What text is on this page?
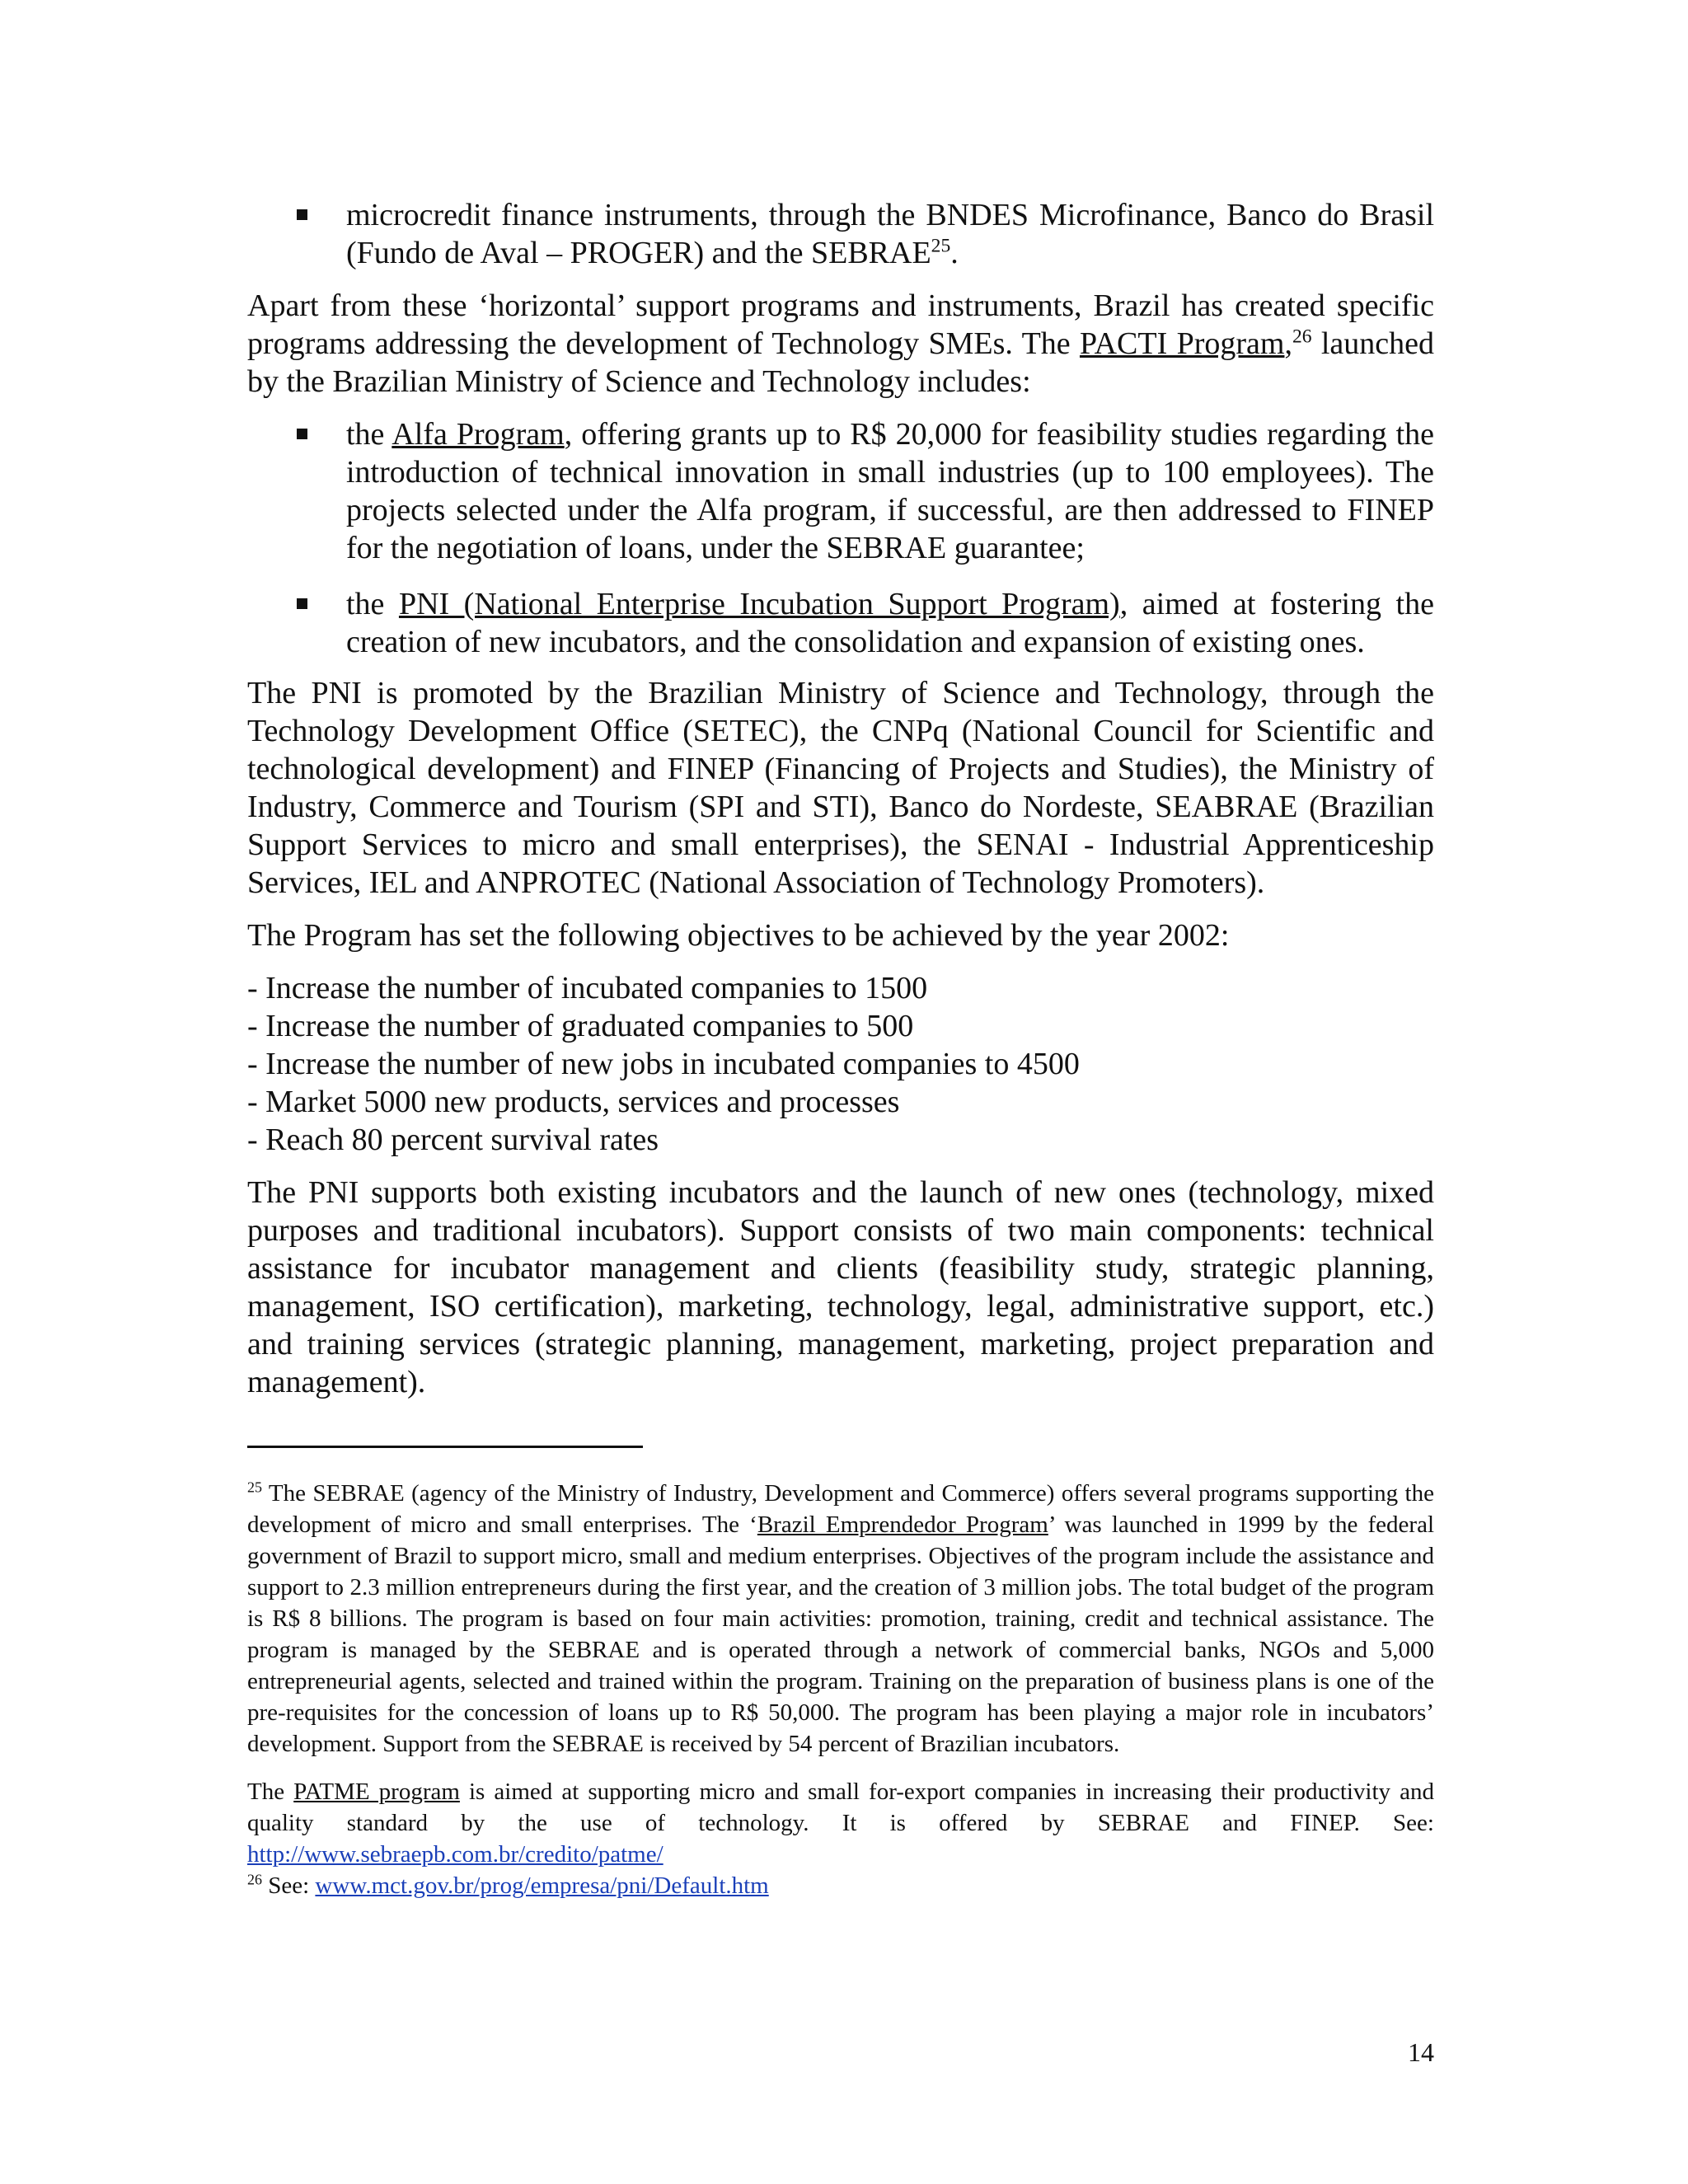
microcredit finance instruments, through the BNDES Microfinance, Banco do Brasil (Fundo de Aval – PROGER) and the SEBRAE$^{25}$.

Apart from these ‘horizontal’ support programs and instruments, Brazil has created specific programs addressing the development of Technology SMEs. The PACTI Program,$^{26}$ launched by the Brazilian Ministry of Science and Technology includes:

the Alfa Program, offering grants up to R$ 20,000 for feasibility studies regarding the introduction of technical innovation in small industries (up to 100 employees). The projects selected under the Alfa program, if successful, are then addressed to FINEP for the negotiation of loans, under the SEBRAE guarantee;
the PNI (National Enterprise Incubation Support Program), aimed at fostering the creation of new incubators, and the consolidation and expansion of existing ones.

The PNI is promoted by the Brazilian Ministry of Science and Technology, through the Technology Development Office (SETEC), the CNPq (National Council for Scientific and technological development) and FINEP (Financing of Projects and Studies), the Ministry of Industry, Commerce and Tourism (SPI and STI), Banco do Nordeste, SEABRAE (Brazilian Support Services to micro and small enterprises), the SENAI - Industrial Apprenticeship Services, IEL and ANPROTEC (National Association of Technology Promoters).

The Program has set the following objectives to be achieved by the year 2002:

- Increase the number of incubated companies to 1500
- Increase the number of graduated companies to 500
- Increase the number of new jobs in incubated companies to 4500
- Market 5000 new products, services and processes
- Reach 80 percent survival rates

The PNI supports both existing incubators and the launch of new ones (technology, mixed purposes and traditional incubators). Support consists of two main components: technical assistance for incubator management and clients (feasibility study, strategic planning, management, ISO certification), marketing, technology, legal, administrative support, etc.) and training services (strategic planning, management, marketing, project preparation and management).

$^{25}$ The SEBRAE (agency of the Ministry of Industry, Development and Commerce) offers several programs supporting the development of micro and small enterprises. The ‘Brazil Emprendedor Program’ was launched in 1999 by the federal government of Brazil to support micro, small and medium enterprises. Objectives of the program include the assistance and support to 2.3 million entrepreneurs during the first year, and the creation of 3 million jobs. The total budget of the program is R$ 8 billions. The program is based on four main activities: promotion, training, credit and technical assistance. The program is managed by the SEBRAE and is operated through a network of commercial banks, NGOs and 5,000 entrepreneurial agents, selected and trained within the program. Training on the preparation of business plans is one of the pre-requisites for the concession of loans up to R$ 50,000. The program has been playing a major role in incubators’ development. Support from the SEBRAE is received by 54 percent of Brazilian incubators.

The PATME program is aimed at supporting micro and small for-export companies in increasing their productivity and quality standard by the use of technology. It is offered by SEBRAE and FINEP. See: http://www.sebraepb.com.br/credito/patme/

$^{26}$ See: www.mct.gov.br/prog/empresa/pni/Default.htm

14
